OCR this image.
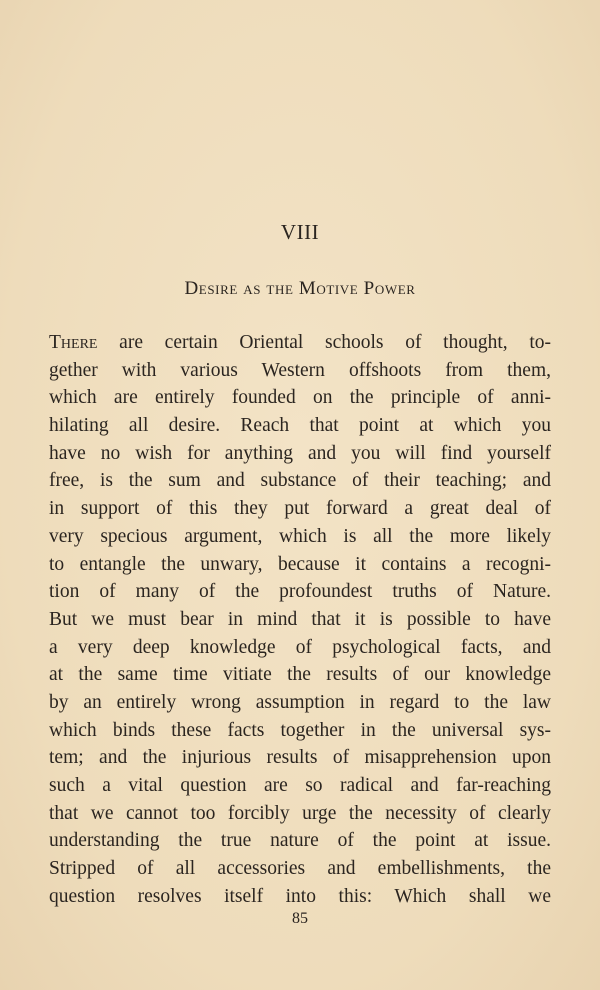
VIII
Desire as the Motive Power
There are certain Oriental schools of thought, to-
gether with various Western offshoots from them,
which are entirely founded on the principle of anni-
hilating all desire. Reach that point at which you
have no wish for anything and you will find yourself
free, is the sum and substance of their teaching; and
in support of this they put forward a great deal of
very specious argument, which is all the more likely
to entangle the unwary, because it contains a recogni-
tion of many of the profoundest truths of Nature.
But we must bear in mind that it is possible to have
a very deep knowledge of psychological facts, and
at the same time vitiate the results of our knowledge
by an entirely wrong assumption in regard to the law
which binds these facts together in the universal sys-
tem; and the injurious results of misapprehension upon
such a vital question are so radical and far-reaching
that we cannot too forcibly urge the necessity of clearly
understanding the true nature of the point at issue.
Stripped of all accessories and embellishments, the
question resolves itself into this: Which shall we
85
